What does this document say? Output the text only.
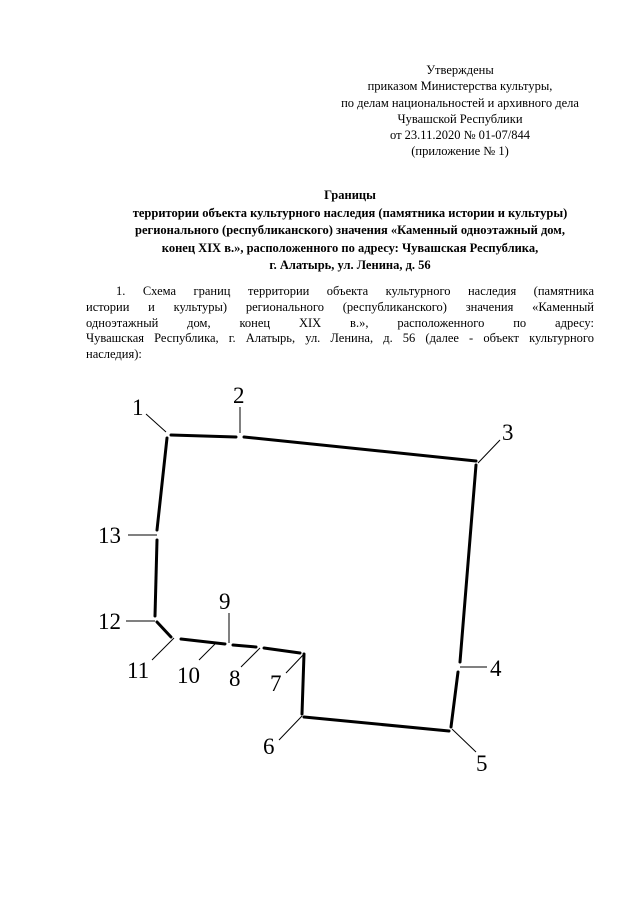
Утверждены
приказом Министерства культуры,
по делам национальностей и архивного дела
Чувашской Республики
от 23.11.2020 № 01-07/844
(приложение № 1)
Границы
территории объекта культурного наследия (памятника истории и культуры)
регионального (республиканского) значения «Каменный одноэтажный дом,
конец XIX в.», расположенного по адресу: Чувашская Республика,
г. Алатырь, ул. Ленина, д. 56
1. Схема границ территории объекта культурного наследия (памятника
истории и культуры) регионального (республиканского) значения «Каменный
одноэтажный дом, конец XIX в.», расположенного по адресу:
Чувашская Республика, г. Алатырь, ул. Ленина, д. 56 (далее - объект культурного
наследия):
1	2
3
4
5
6
7
8
9
10
11
12
13
